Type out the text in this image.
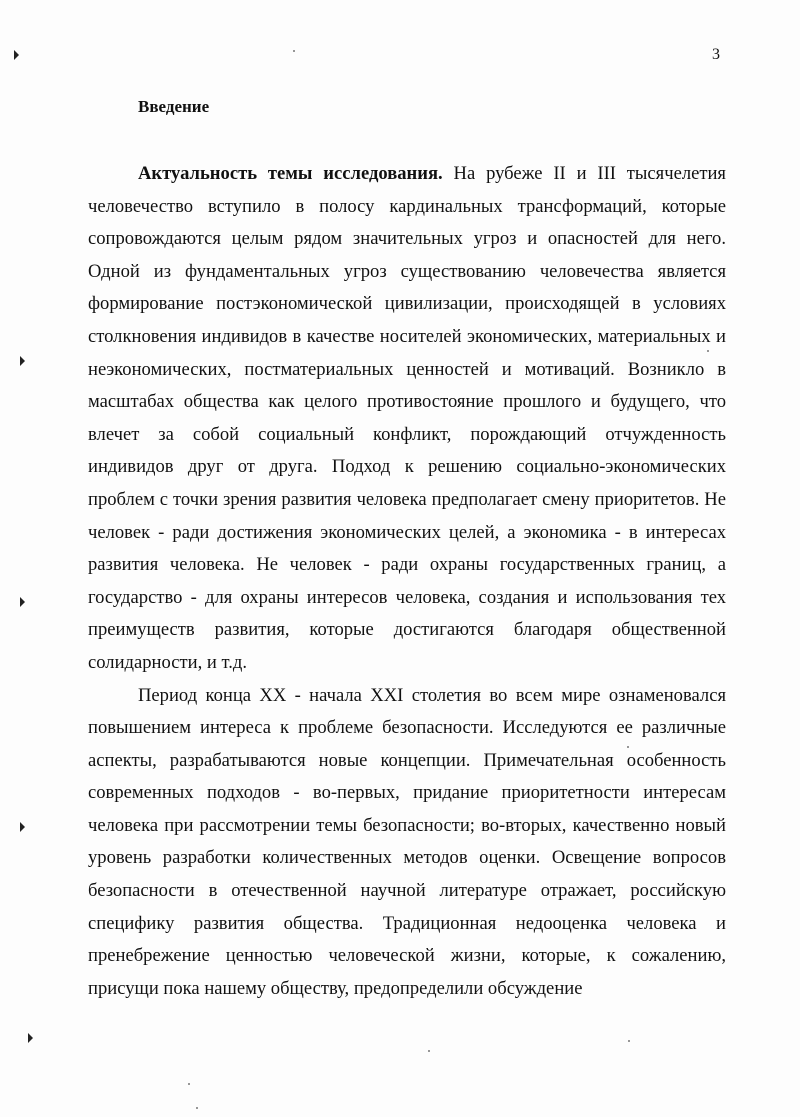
3
Введение

Актуальность темы исследования. На рубеже II и III тысячелетия человечество вступило в полосу кардинальных трансформаций, которые сопровождаются целым рядом значительных угроз и опасностей для него. Одной из фундаментальных угроз существованию человечества является формирование постэкономической цивилизации, происходящей в условиях столкновения индивидов в качестве носителей экономических, материальных и неэкономических, постматериальных ценностей и мотиваций. Возникло в масштабах общества как целого противостояние прошлого и будущего, что влечет за собой социальный конфликт, порождающий отчужденность индивидов друг от друга. Подход к решению социально-экономических проблем с точки зрения развития человека предполагает смену приоритетов. Не человек - ради достижения экономических целей, а экономика - в интересах развития человека. Не человек - ради охраны государственных границ, а государство - для охраны интересов человека, создания и использования тех преимуществ развития, которые достигаются благодаря общественной солидарности, и т.д.

Период конца XX - начала XXI столетия во всем мире ознаменовался повышением интереса к проблеме безопасности. Исследуются ее различные аспекты, разрабатываются новые концепции. Примечательная особенность современных подходов - во-первых, придание приоритетности интересам человека при рассмотрении темы безопасности; во-вторых, качественно новый уровень разработки количественных методов оценки. Освещение вопросов безопасности в отечественной научной литературе отражает, российскую специфику развития общества. Традиционная недооценка человека и пренебрежение ценностью человеческой жизни, которые, к сожалению, присущи пока нашему обществу, предопределили обсуждение
